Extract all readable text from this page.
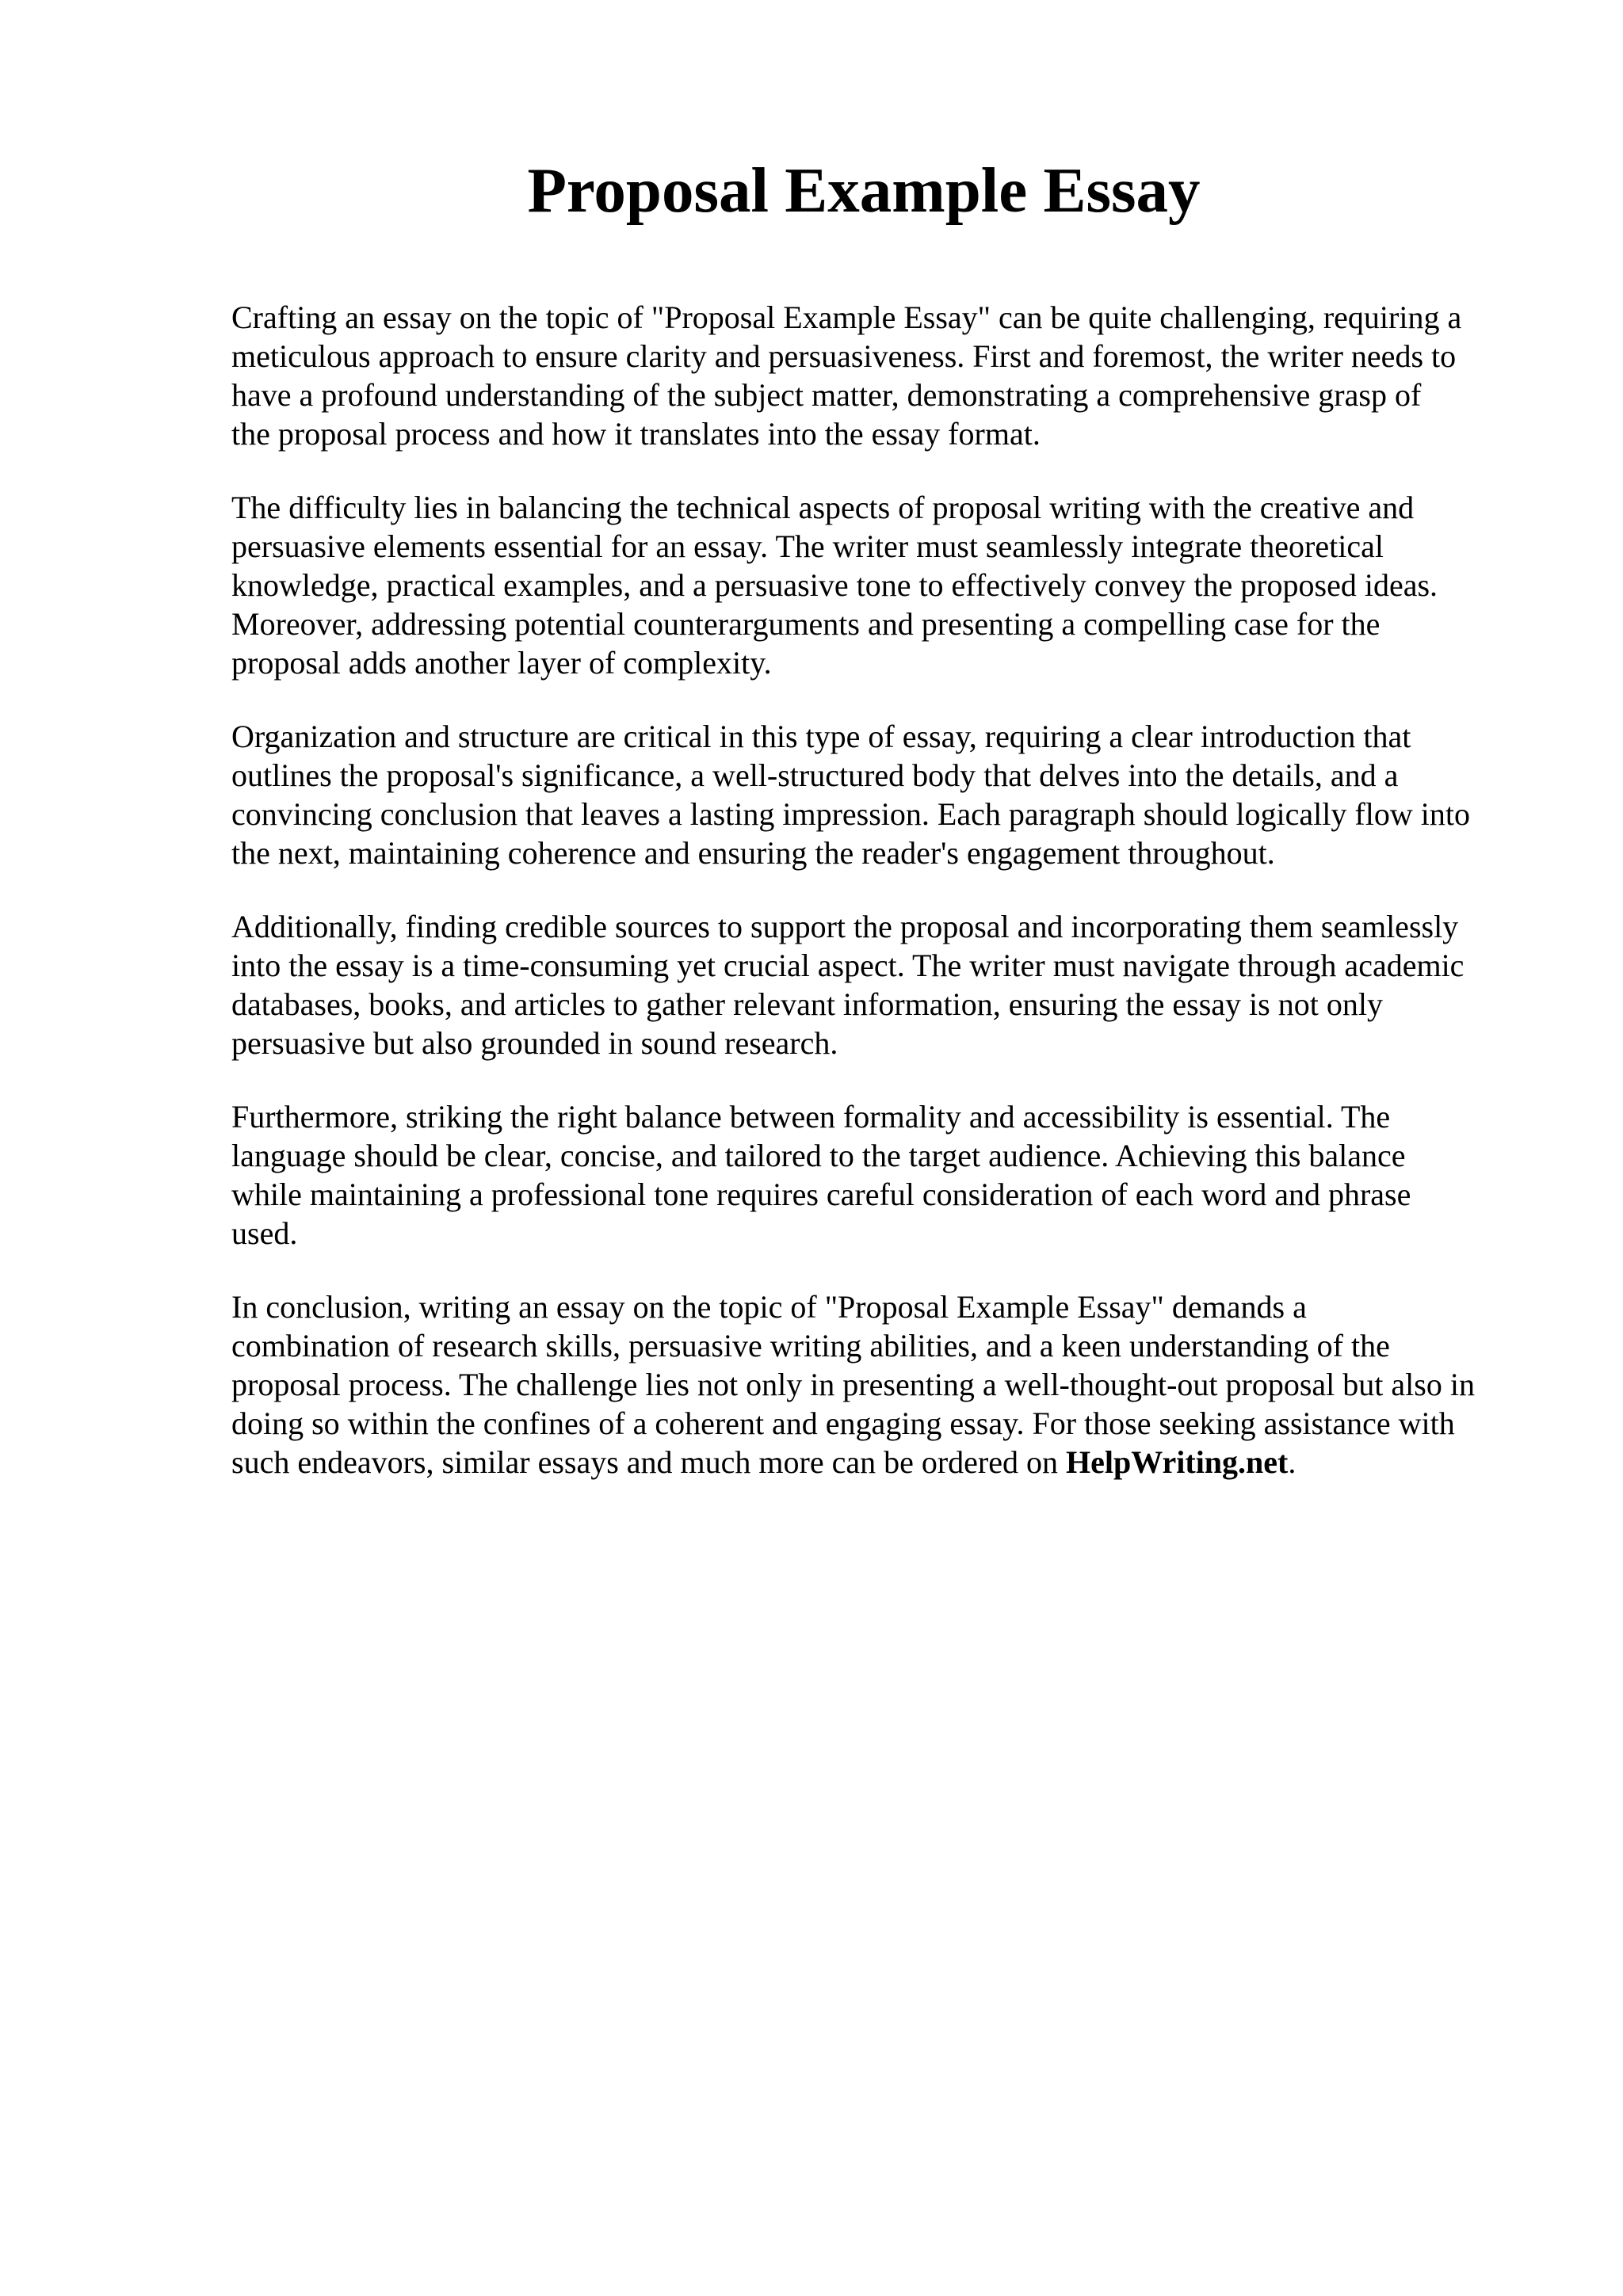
Proposal Example Essay

Crafting an essay on the topic of "Proposal Example Essay" can be quite challenging, requiring a
meticulous approach to ensure clarity and persuasiveness. First and foremost, the writer needs to
have a profound understanding of the subject matter, demonstrating a comprehensive grasp of
the proposal process and how it translates into the essay format.

The difficulty lies in balancing the technical aspects of proposal writing with the creative and
persuasive elements essential for an essay. The writer must seamlessly integrate theoretical
knowledge, practical examples, and a persuasive tone to effectively convey the proposed ideas.
Moreover, addressing potential counterarguments and presenting a compelling case for the
proposal adds another layer of complexity.

Organization and structure are critical in this type of essay, requiring a clear introduction that
outlines the proposal's significance, a well-structured body that delves into the details, and a
convincing conclusion that leaves a lasting impression. Each paragraph should logically flow into
the next, maintaining coherence and ensuring the reader's engagement throughout.

Additionally, finding credible sources to support the proposal and incorporating them seamlessly
into the essay is a time-consuming yet crucial aspect. The writer must navigate through academic
databases, books, and articles to gather relevant information, ensuring the essay is not only
persuasive but also grounded in sound research.

Furthermore, striking the right balance between formality and accessibility is essential. The
language should be clear, concise, and tailored to the target audience. Achieving this balance
while maintaining a professional tone requires careful consideration of each word and phrase
used.

In conclusion, writing an essay on the topic of "Proposal Example Essay" demands a
combination of research skills, persuasive writing abilities, and a keen understanding of the
proposal process. The challenge lies not only in presenting a well-thought-out proposal but also in
doing so within the confines of a coherent and engaging essay. For those seeking assistance with
such endeavors, similar essays and much more can be ordered on HelpWriting.net.
